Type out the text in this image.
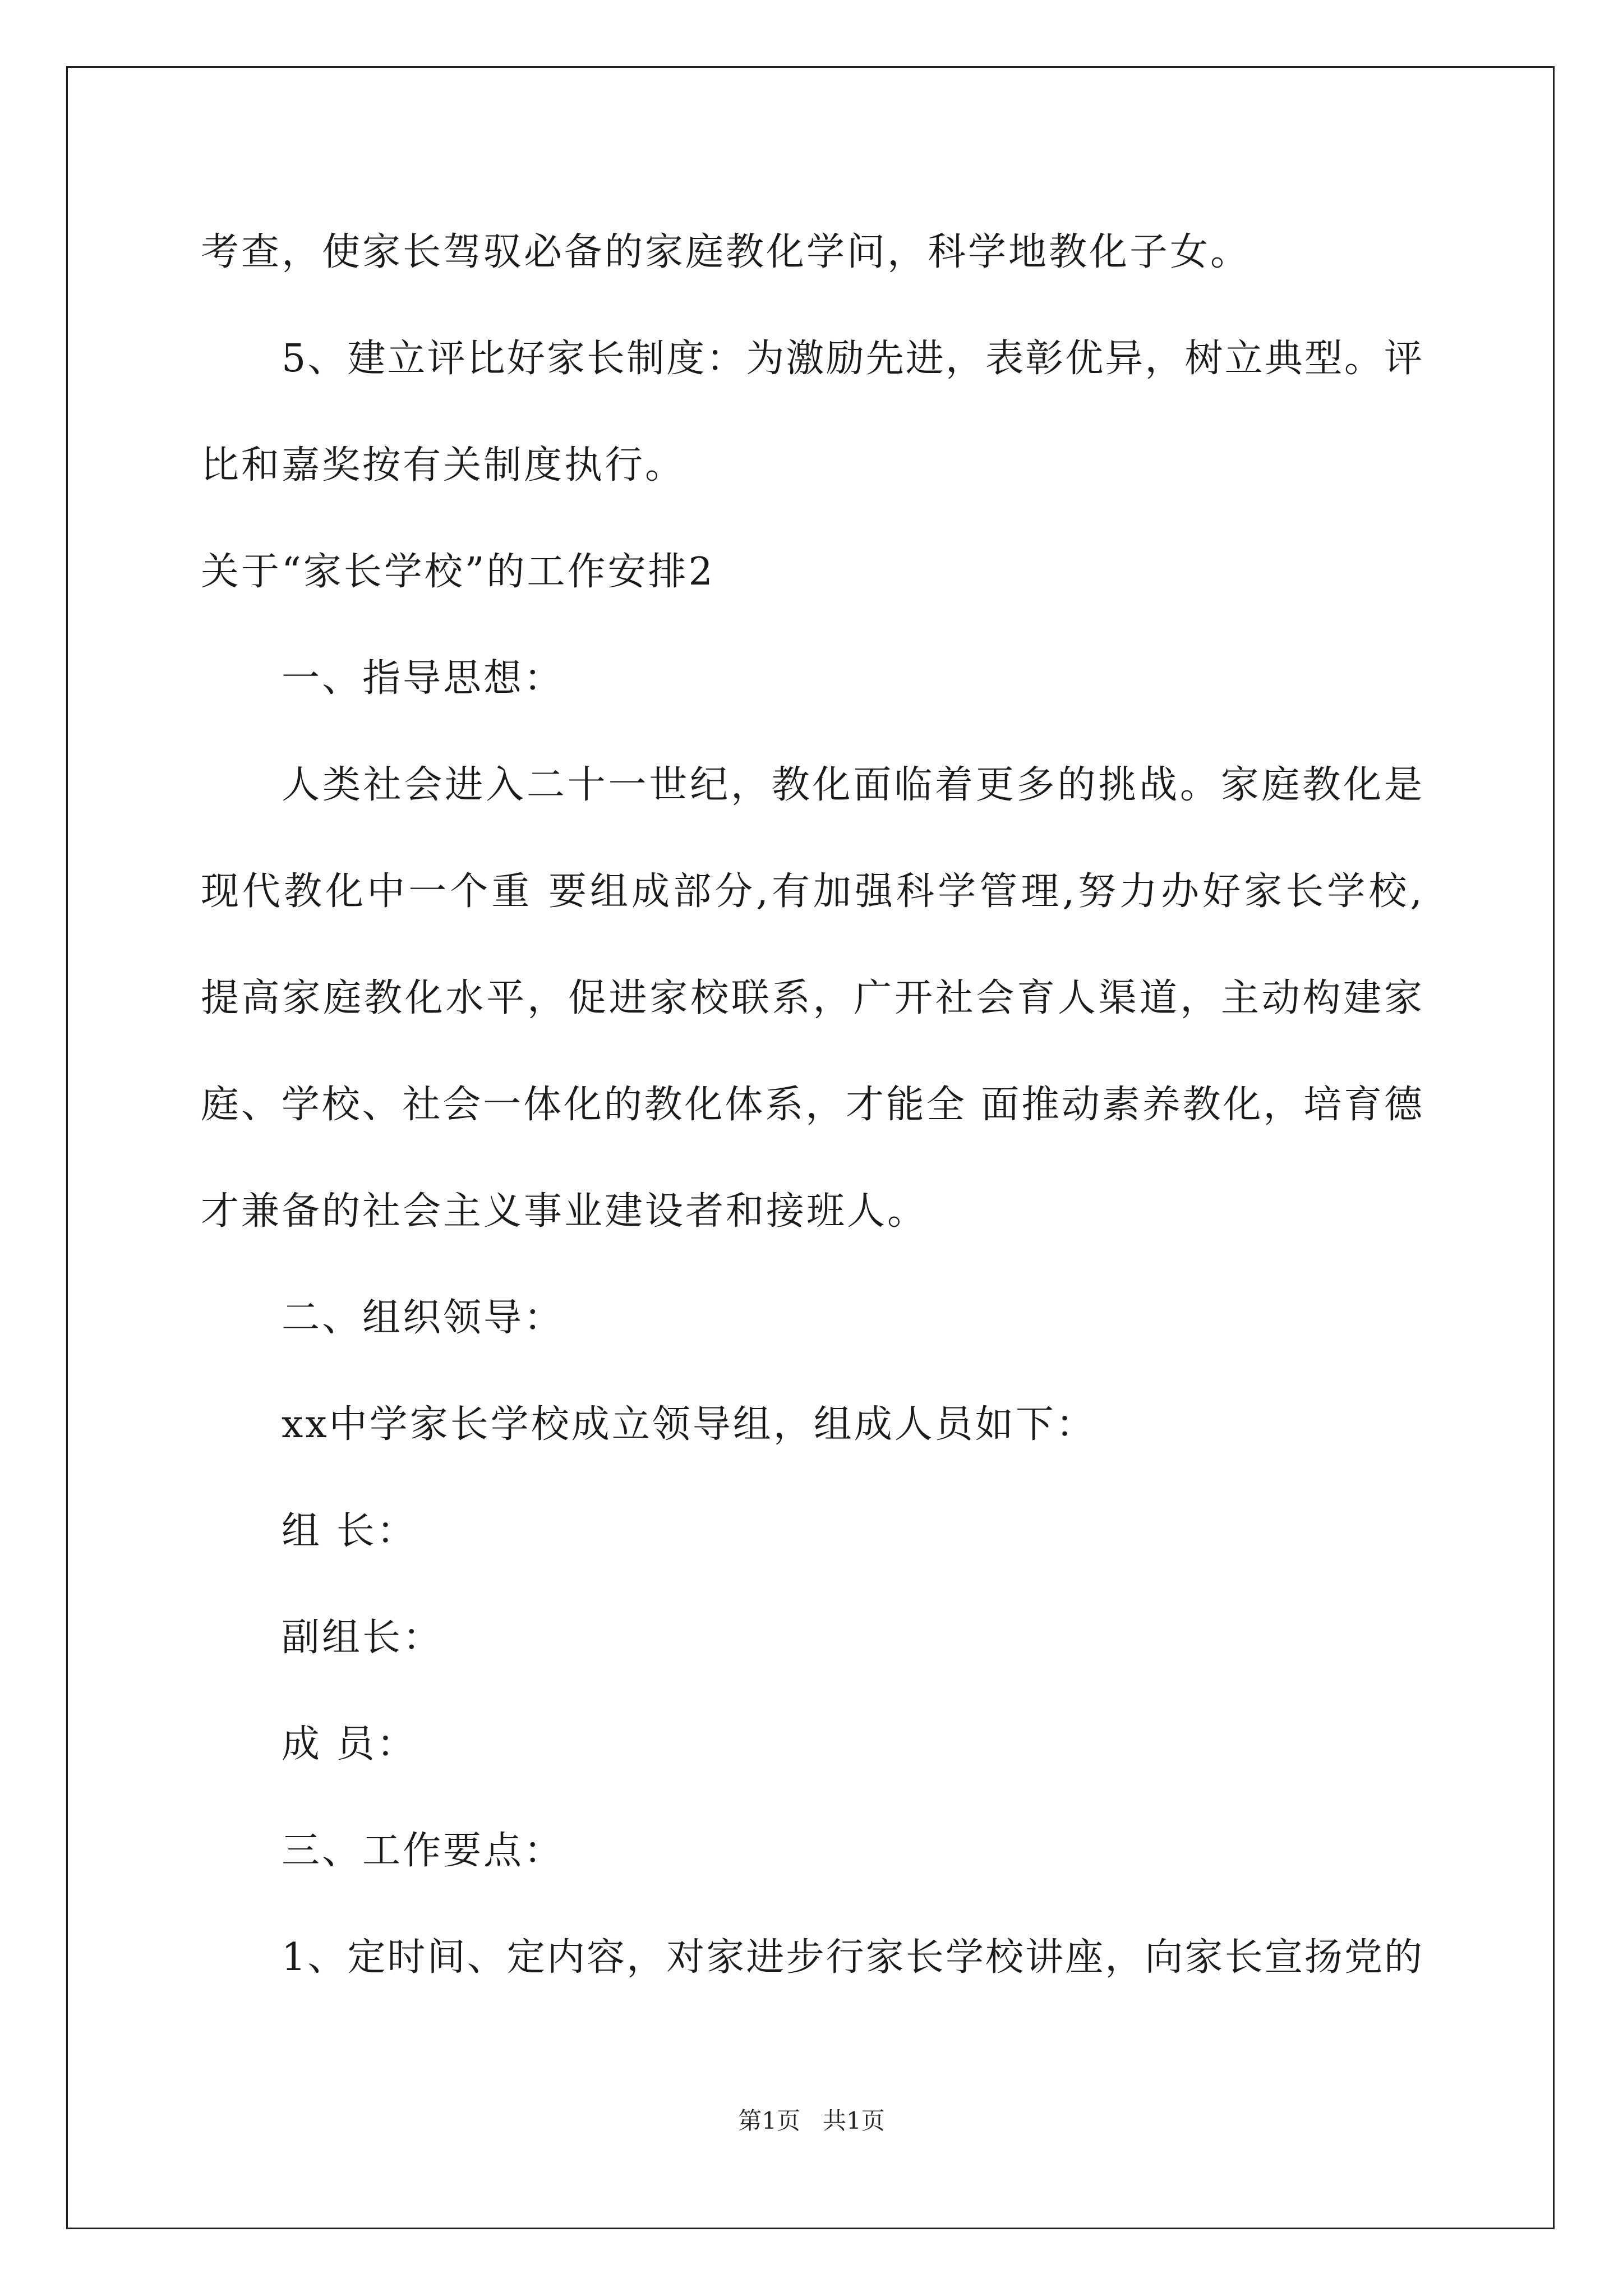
考查，使家长驾驭必备的家庭教化学问，科学地教化子女。
5、建立评比好家长制度：为激励先进，表彰优异，树立典型。评
比和嘉奖按有关制度执行。
关于“家长学校”的工作安排2
一、指导思想：
人类社会进入二十一世纪，教化面临着更多的挑战。家庭教化是
现代教化中一个重 要组成部分,有加强科学管理,努力办好家长学校,
提高家庭教化水平，促进家校联系，广开社会育人渠道，主动构建家
庭、学校、社会一体化的教化体系，才能全 面推动素养教化，培育德
才兼备的社会主义事业建设者和接班人。
二、组织领导：
xx中学家长学校成立领导组，组成人员如下：
组 长：
副组长：
成 员：
三、工作要点：
1、定时间、定内容，对家进步行家长学校讲座，向家长宣扬党的
第1页 共1页
